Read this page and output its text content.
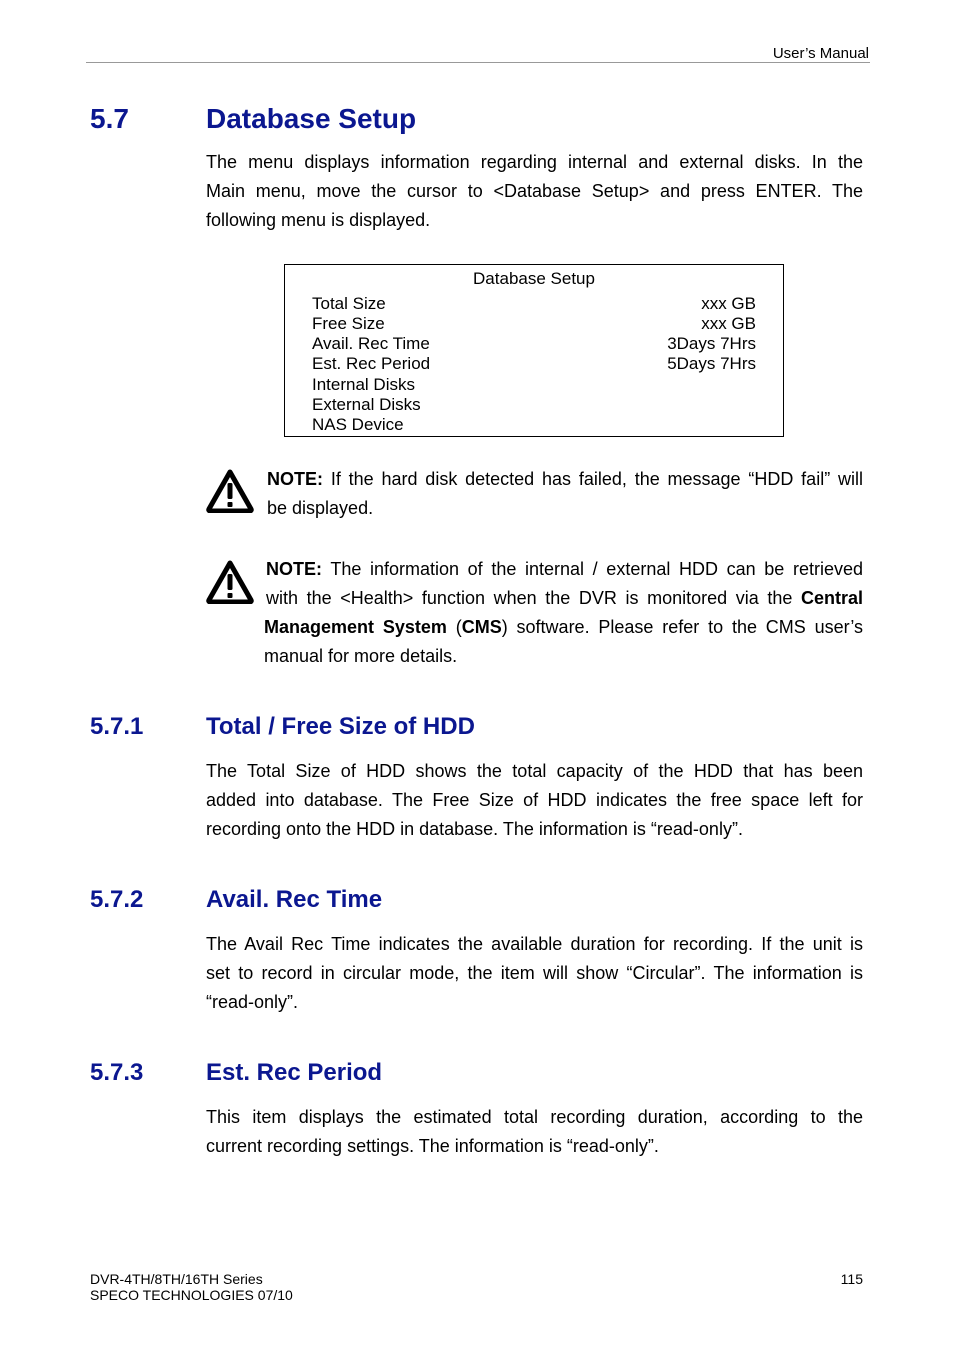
User’s Manual
5.7	Database Setup
The menu displays information regarding internal and external disks. In the
Main menu, move the cursor to <Database Setup> and press ENTER. The
following menu is displayed.
Database Setup
Total Size	xxx GB
Free Size	xxx GB
Avail. Rec Time	3Days 7Hrs
Est. Rec Period	5Days 7Hrs
Internal Disks
External Disks
NAS Device
NOTE: If the hard disk detected has failed, the message “HDD fail” will
be displayed.
NOTE: The information of the internal / external HDD can be retrieved
with the <Health> function when the DVR is monitored via the Central
Management System (CMS) software. Please refer to the CMS user’s
manual for more details.
5.7.1	Total / Free Size of HDD
The Total Size of HDD shows the total capacity of the HDD that has been
added into database. The Free Size of HDD indicates the free space left for
recording onto the HDD in database. The information is “read-only”.
5.7.2	Avail. Rec Time
The Avail Rec Time indicates the available duration for recording. If the unit is
set to record in circular mode, the item will show “Circular”. The information is
“read-only”.
5.7.3	Est. Rec Period
This item displays the estimated total recording duration, according to the
current recording settings. The information is “read-only”.
DVR-4TH/8TH/16TH Series
SPECO TECHNOLOGIES 07/10
115
